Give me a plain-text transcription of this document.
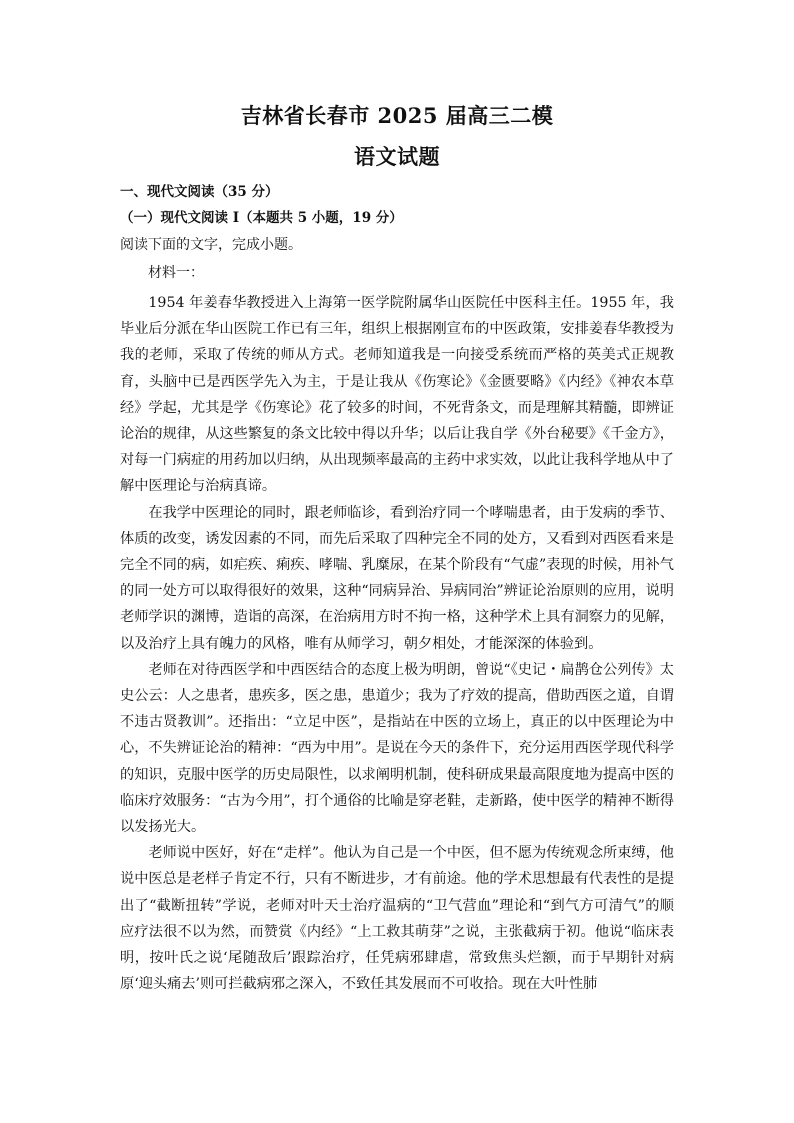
吉林省长春市 2025 届高三二模
语文试题
一、现代文阅读（35 分）
（一）现代文阅读 I（本题共 5 小题，19 分）
阅读下面的文字，完成小题。
材料一：

1954 年姜春华教授进入上海第一医学院附属华山医院任中医科主任。1955 年，我毕业后分派在华山医院工作已有三年，组织上根据刚宣布的中医政策，安排姜春华教授为我的老师，采取了传统的师从方式。老师知道我是一向接受系统而严格的英美式正规教育，头脑中已是西医学先入为主，于是让我从《伤寒论》《金匮要略》《内经》《神农本草经》学起，尤其是学《伤寒论》花了较多的时间，不死背条文，而是理解其精髓，即辨证论治的规律，从这些繁复的条文比较中得以升华；以后让我自学《外台秘要》《千金方》，对每一门病症的用药加以归纳，从出现频率最高的主药中求实效，以此让我科学地从中了解中医理论与治病真谛。

在我学中医理论的同时，跟老师临诊，看到治疗同一个哮喘患者，由于发病的季节、体质的改变，诱发因素的不同，而先后采取了四种完全不同的处方，又看到对西医看来是完全不同的病，如疟疾、痢疾、哮喘、乳糜尿，在某个阶段有“气虚”表现的时候，用补气的同一处方可以取得很好的效果，这种“同病异治、异病同治”辨证论治原则的应用，说明老师学识的渊博，造诣的高深，在治病用方时不拘一格，这种学术上具有洞察力的见解，以及治疗上具有魄力的风格，唯有从师学习，朝夕相处，才能深深的体验到。

老师在对待西医学和中西医结合的态度上极为明朗，曾说“《史记・扁鹊仓公列传》太史公云：人之患者，患疾多，医之患，患道少；我为了疗效的提高，借助西医之道，自谓不违古贤教训”。还指出：“立足中医”，是指站在中医的立场上，真正的以中医理论为中心，不失辨证论治的精神：“西为中用”。是说在今天的条件下，充分运用西医学现代科学的知识，克服中医学的历史局限性，以求阐明机制，使科研成果最高限度地为提高中医的临床疗效服务：“古为今用”，打个通俗的比喻是穿老鞋，走新路，使中医学的精神不断得以发扬光大。

老师说中医好，好在“走样”。他认为自己是一个中医，但不愿为传统观念所束缚，他说中医总是老样子肯定不行，只有不断进步，才有前途。他的学术思想最有代表性的是提出了“截断扭转”学说，老师对叶天士治疗温病的“卫气营血”理论和“到气方可清气”的顺应疗法很不以为然，而赞赏《内经》“上工救其萌芽”之说，主张截病于初。他说“临床表明，按叶氏之说‘尾随敌后’跟踪治疗，任凭病邪肆虐，常致焦头烂额，而于早期针对病原‘迎头痛去’则可拦截病邪之深入，不致任其发展而不可收拾。现在大叶性肺
